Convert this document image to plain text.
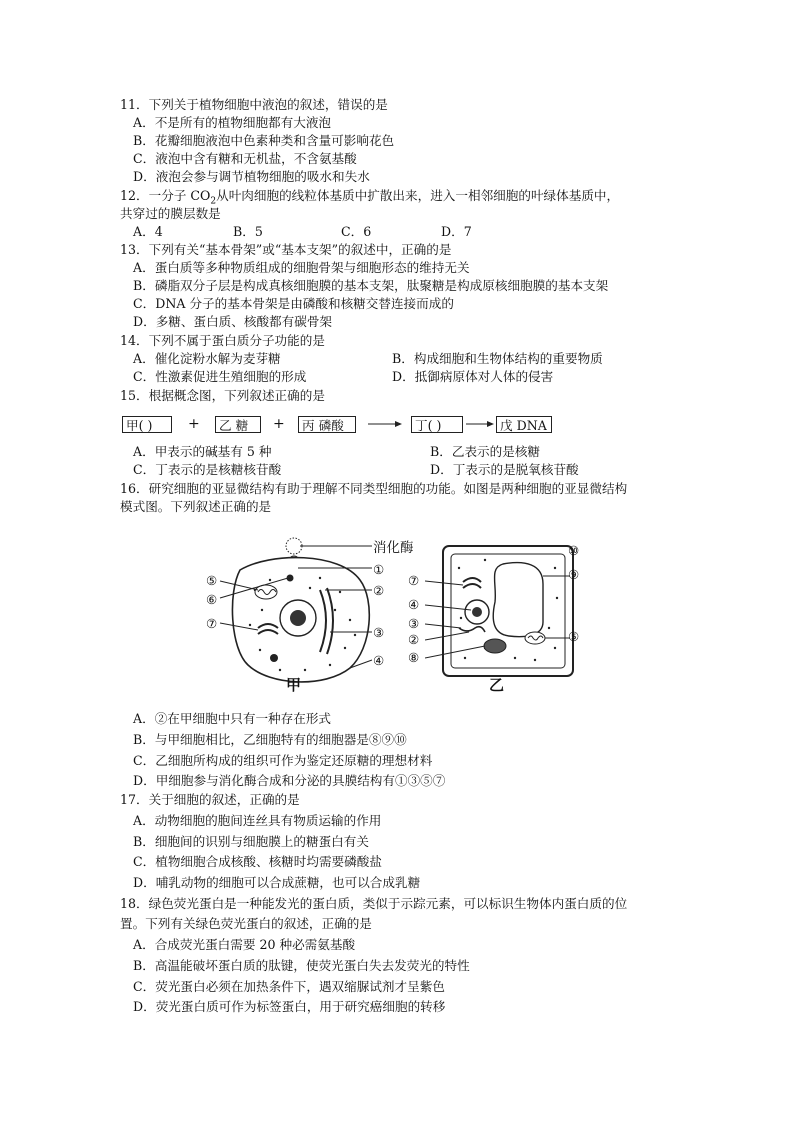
11．下列关于植物细胞中液泡的叙述，错误的是
A．不是所有的植物细胞都有大液泡
B．花瓣细胞液泡中色素种类和含量可影响花色
C．液泡中含有糖和无机盐，不含氨基酸
D．液泡会参与调节植物细胞的吸水和失水
12．一分子 $CO_2$从叶肉细胞的线粒体基质中扩散出来，进入一相邻细胞的叶绿体基质中，
共穿过的膜层数是
A．4	B．5	C．6	D．7
13．下列有关“基本骨架”或“基本支架”的叙述中，正确的是
A．蛋白质等多种物质组成的细胞骨架与细胞形态的维持无关
B．磷脂双分子层是构成真核细胞膜的基本支架，肽聚糖是构成原核细胞膜的基本支架
C．DNA 分子的基本骨架是由磷酸和核糖交替连接而成的
D．多糖、蛋白质、核酸都有碳骨架
14．下列不属于蛋白质分子功能的是
A．催化淀粉水解为麦芽糖	B．构成细胞和生物体结构的重要物质
C．性激素促进生殖细胞的形成	D．抵御病原体对人体的侵害
15．根据概念图，下列叙述正确的是
甲( )	+	乙 糖	+	丙 磷酸	丁( )	戊 DNA
A．甲表示的碱基有 5 种	B．乙表示的是核糖
C．丁表示的是核糖核苷酸	D．丁表示的是脱氧核苷酸
16．研究细胞的亚显微结构有助于理解不同类型细胞的功能。如图是两种细胞的亚显微结构
模式图。下列叙述正确的是
消化酶
①
②
③
④
⑤
⑥
⑦
甲
⑦
④
③
②
⑧
⑩
⑨
⑤
乙
A．②在甲细胞中只有一种存在形式
B．与甲细胞相比，乙细胞特有的细胞器是⑧⑨⑩
C．乙细胞所构成的组织可作为鉴定还原糖的理想材料
D．甲细胞参与消化酶合成和分泌的具膜结构有①③⑤⑦
17．关于细胞的叙述，正确的是
A．动物细胞的胞间连丝具有物质运输的作用
B．细胞间的识别与细胞膜上的糖蛋白有关
C．植物细胞合成核酸、核糖时均需要磷酸盐
D．哺乳动物的细胞可以合成蔗糖，也可以合成乳糖
18．绿色荧光蛋白是一种能发光的蛋白质，类似于示踪元素，可以标识生物体内蛋白质的位
置。下列有关绿色荧光蛋白的叙述，正确的是
A．合成荧光蛋白需要 20 种必需氨基酸
B．高温能破坏蛋白质的肽键，使荧光蛋白失去发荧光的特性
C．荧光蛋白必须在加热条件下，遇双缩脲试剂才呈紫色
D．荧光蛋白质可作为标签蛋白，用于研究癌细胞的转移
